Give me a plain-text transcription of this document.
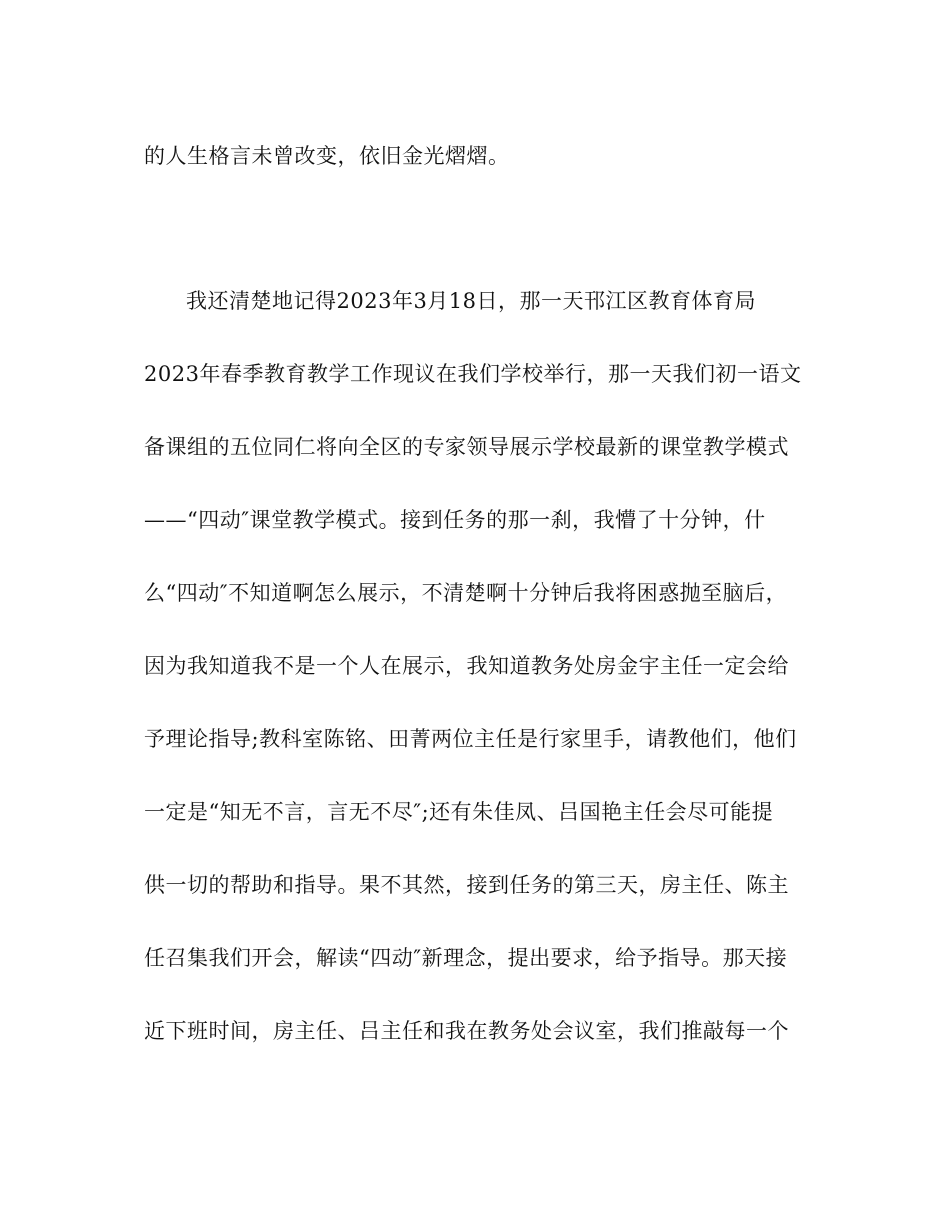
的人生格言未曾改变，依旧金光熠熠。
我还清楚地记得2023年3月18日，那一天邗江区教育体育局
2023年春季教育教学工作现议在我们学校举行，那一天我们初一语文
备课组的五位同仁将向全区的专家领导展示学校最新的课堂教学模式
——“四动″课堂教学模式。接到任务的那一刹，我懵了十分钟，什
么“四动″不知道啊怎么展示，不清楚啊十分钟后我将困惑抛至脑后，
因为我知道我不是一个人在展示，我知道教务处房金宇主任一定会给
予理论指导;教科室陈铭、田菁两位主任是行家里手，请教他们，他们
一定是“知无不言，言无不尽″;还有朱佳凤、吕国艳主任会尽可能提
供一切的帮助和指导。果不其然，接到任务的第三天，房主任、陈主
任召集我们开会，解读“四动″新理念，提出要求，给予指导。那天接
近下班时间，房主任、吕主任和我在教务处会议室，我们推敲每一个
